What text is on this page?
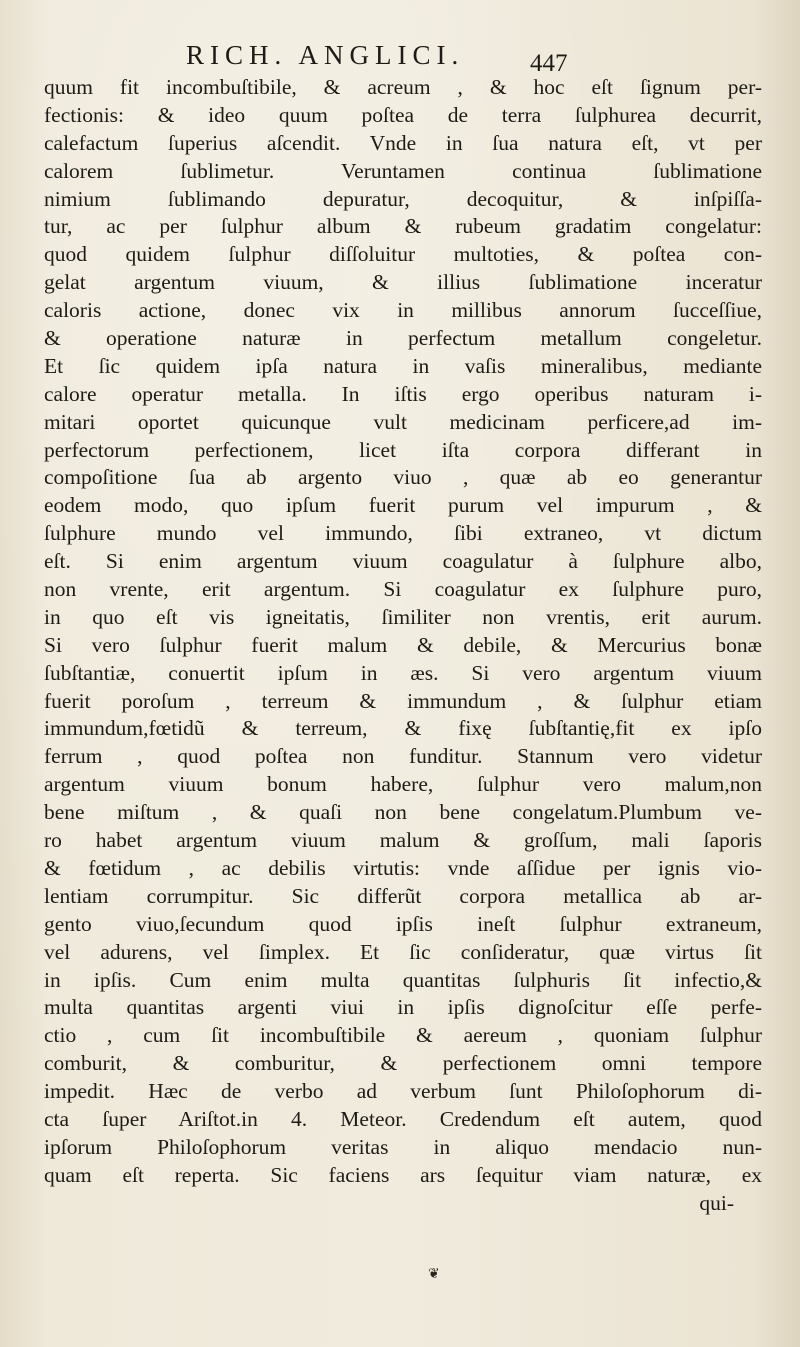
RICH. ANGLICI.	447
quum fit incombuſtibile, & acreum , & hoc eſt ſignum per-
fectionis: & ideo quum poſtea de terra ſulphurea decurrit,
calefactum ſuperius aſcendit. Vnde in ſua natura eſt, vt per
calorem ſublimetur. Veruntamen continua ſublimatione
nimium ſublimando depuratur, decoquitur, & inſpiſſa-
tur, ac per ſulphur album & rubeum gradatim congelatur:
quod quidem ſulphur diſſoluitur multoties, & poſtea con-
gelat argentum viuum, & illius ſublimatione inceratur
caloris actione, donec vix in millibus annorum ſucceſſiue,
& operatione naturæ in perfectum metallum congeletur.
Et ſic quidem ipſa natura in vaſis mineralibus, mediante
calore operatur metalla. In iſtis ergo operibus naturam i-
mitari oportet quicunque vult medicinam perficere,ad im-
perfectorum perfectionem, licet iſta corpora differant in
compoſitione ſua ab argento viuo , quæ ab eo generantur
eodem modo, quo ipſum fuerit purum vel impurum , &
ſulphure mundo vel immundo, ſibi extraneo, vt dictum
eſt. Si enim argentum viuum coagulatur à ſulphure albo,
non vrente, erit argentum. Si coagulatur ex ſulphure puro,
in quo eſt vis igneitatis, ſimiliter non vrentis, erit aurum.
Si vero ſulphur fuerit malum & debile, & Mercurius bonæ
ſubſtantiæ, conuertit ipſum in æs. Si vero argentum viuum
fuerit poroſum , terreum & immundum , & ſulphur etiam
immundum,fœtidũ & terreum, & fixę ſubſtantię,fit ex ipſo
ferrum , quod poſtea non funditur. Stannum vero videtur
argentum viuum bonum habere, ſulphur vero malum,non
bene miſtum , & quaſi non bene congelatum.Plumbum ve-
ro habet argentum viuum malum & groſſum, mali ſaporis
& fœtidum , ac debilis virtutis: vnde aſſidue per ignis vio-
lentiam corrumpitur. Sic differũt corpora metallica ab ar-
gento viuo,ſecundum quod ipſis ineſt ſulphur extraneum,
vel adurens, vel ſimplex. Et ſic conſideratur, quæ virtus ſit
in ipſis. Cum enim multa quantitas ſulphuris ſit infectio,&
multa quantitas argenti viui in ipſis dignoſcitur eſſe perfe-
ctio , cum ſit incombuſtibile & aereum , quoniam ſulphur
comburit, & comburitur, & perfectionem omni tempore
impedit. Hæc de verbo ad verbum ſunt Philoſophorum di-
cta ſuper Ariſtot.in 4. Meteor. Credendum eſt autem, quod
ipſorum Philoſophorum veritas in aliquo mendacio nun-
quam eſt reperta. Sic faciens ars ſequitur viam naturæ, ex
qui-
❦
